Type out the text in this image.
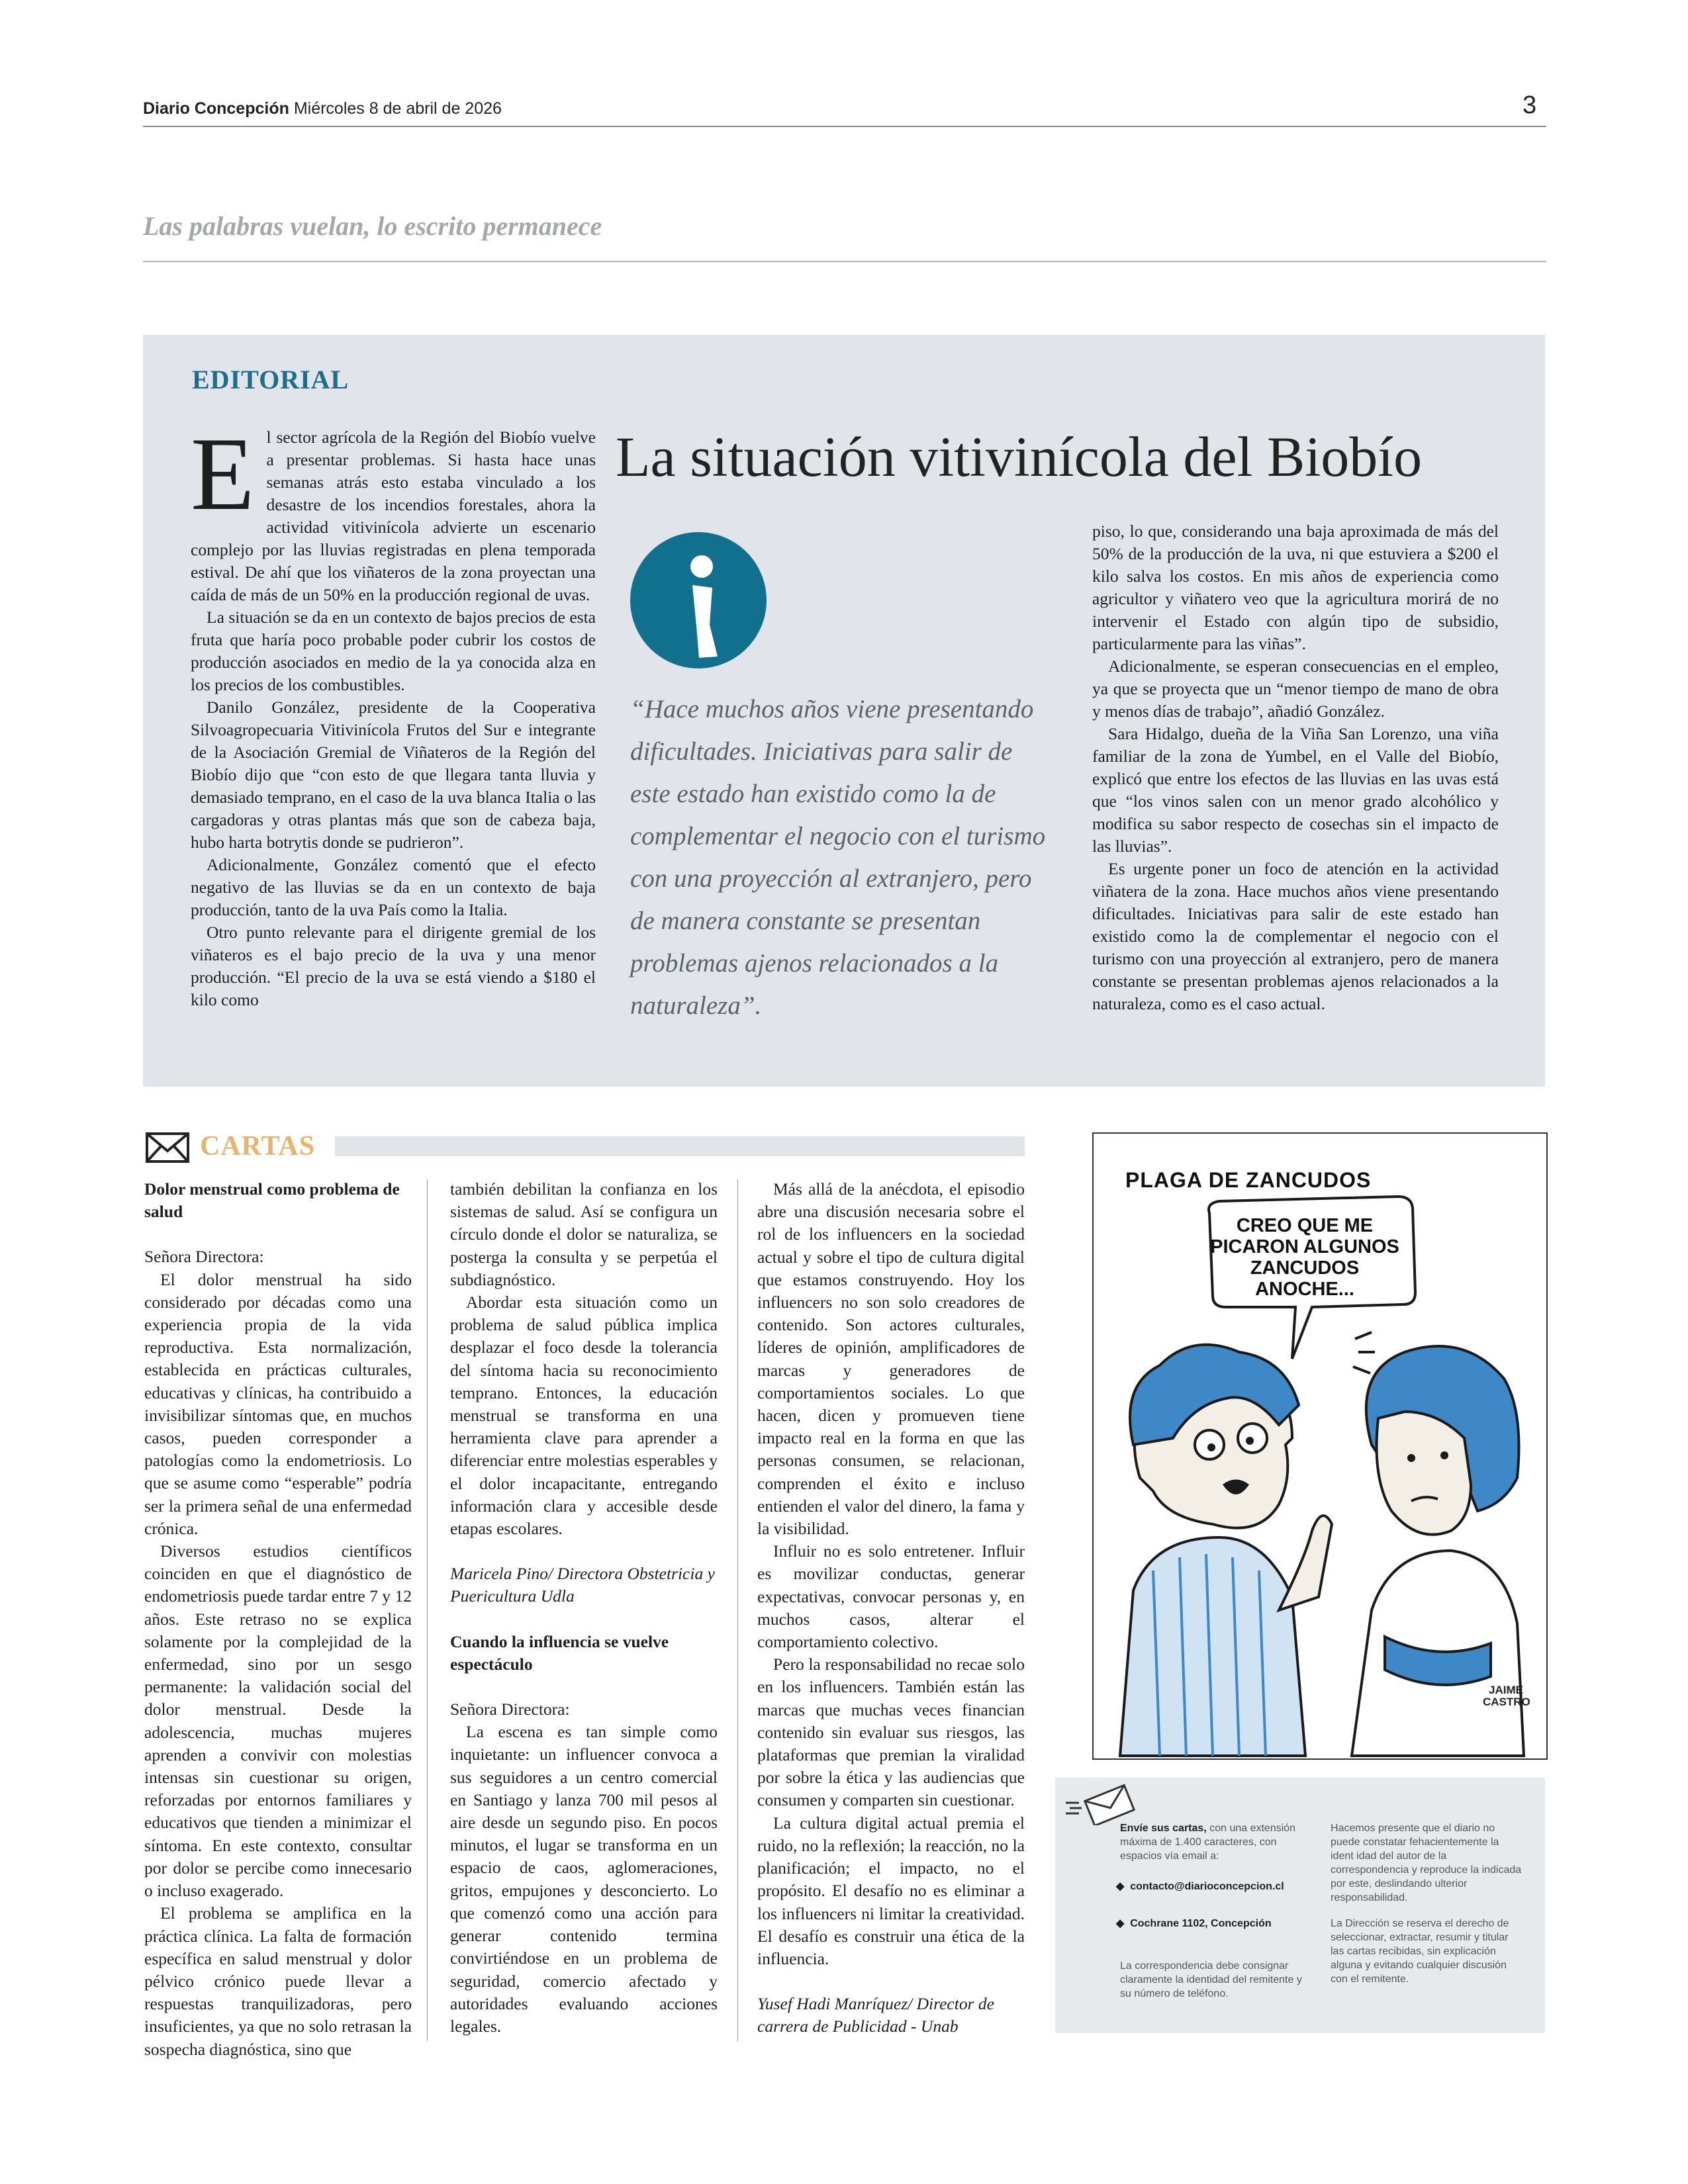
Diario Concepción Miércoles 8 de abril de 2026	3
Las palabras vuelan, lo escrito permanece
EDITORIAL
La situación vitivinícola del Biobío

El sector agrícola de la Región del Biobío vuelve a presentar problemas. Si hasta hace unas semanas atrás esto estaba vinculado a los desastre de los incendios forestales, ahora la actividad vitivinícola advierte un escenario complejo por las lluvias registradas en plena temporada estival. De ahí que los viñateros de la zona proyectan una caída de más de un 50% en la producción regional de uvas.

La situación se da en un contexto de bajos precios de esta fruta que haría poco probable poder cubrir los costos de producción asociados en medio de la ya conocida alza en los precios de los combustibles.

Danilo González, presidente de la Cooperativa Silvoagropecuaria Vitivinícola Frutos del Sur e integrante de la Asociación Gremial de Viñateros de la Región del Biobío dijo que “con esto de que llegara tanta lluvia y demasiado temprano, en el caso de la uva blanca Italia o las cargadoras y otras plantas más que son de cabeza baja, hubo harta botrytis donde se pudrieron”.

Adicionalmente, González comentó que el efecto negativo de las lluvias se da en un contexto de baja producción, tanto de la uva País como la Italia.

Otro punto relevante para el dirigente gremial de los viñateros es el bajo precio de la uva y una menor producción. “El precio de la uva se está viendo a $180 el kilo como

“Hace muchos años viene presentando dificultades. Iniciativas para salir de este estado han existido como la de complementar el negocio con el turismo con una proyección al extranjero, pero de manera constante se presentan problemas ajenos relacionados a la naturaleza”.

piso, lo que, considerando una baja aproximada de más del 50% de la producción de la uva, ni que estuviera a $200 el kilo salva los costos. En mis años de experiencia como agricultor y viñatero veo que la agricultura morirá de no intervenir el Estado con algún tipo de subsidio, particularmente para las viñas”.

Adicionalmente, se esperan consecuencias en el empleo, ya que se proyecta que un “menor tiempo de mano de obra y menos días de trabajo”, añadió González.

Sara Hidalgo, dueña de la Viña San Lorenzo, una viña familiar de la zona de Yumbel, en el Valle del Biobío, explicó que entre los efectos de las lluvias en las uvas está que “los vinos salen con un menor grado alcohólico y modifica su sabor respecto de cosechas sin el impacto de las lluvias”.

Es urgente poner un foco de atención en la actividad viñatera de la zona. Hace muchos años viene presentando dificultades. Iniciativas para salir de este estado han existido como la de complementar el negocio con el turismo con una proyección al extranjero, pero de manera constante se presentan problemas ajenos relacionados a la naturaleza, como es el caso actual.

CARTAS

Dolor menstrual como problema de salud

Señora Directora:

El dolor menstrual ha sido considerado por décadas como una experiencia propia de la vida reproductiva. Esta normalización, establecida en prácticas culturales, educativas y clínicas, ha contribuido a invisibilizar síntomas que, en muchos casos, pueden corresponder a patologías como la endometriosis. Lo que se asume como “esperable” podría ser la primera señal de una enfermedad crónica.

Diversos estudios científicos coinciden en que el diagnóstico de endometriosis puede tardar entre 7 y 12 años. Este retraso no se explica solamente por la complejidad de la enfermedad, sino por un sesgo permanente: la validación social del dolor menstrual. Desde la adolescencia, muchas mujeres aprenden a convivir con molestias intensas sin cuestionar su origen, reforzadas por entornos familiares y educativos que tienden a minimizar el síntoma. En este contexto, consultar por dolor se percibe como innecesario o incluso exagerado.

El problema se amplifica en la práctica clínica. La falta de formación específica en salud menstrual y dolor pélvico crónico puede llevar a respuestas tranquilizadoras, pero insuficientes, ya que no solo retrasan la sospecha diagnóstica, sino que

también debilitan la confianza en los sistemas de salud. Así se configura un círculo donde el dolor se naturaliza, se posterga la consulta y se perpetúa el subdiagnóstico.

Abordar esta situación como un problema de salud pública implica desplazar el foco desde la tolerancia del síntoma hacia su reconocimiento temprano. Entonces, la educación menstrual se transforma en una herramienta clave para aprender a diferenciar entre molestias esperables y el dolor incapacitante, entregando información clara y accesible desde etapas escolares.

Maricela Pino/ Directora Obstetricia y Puericultura Udla

Cuando la influencia se vuelve espectáculo

Señora Directora:

La escena es tan simple como inquietante: un influencer convoca a sus seguidores a un centro comercial en Santiago y lanza 700 mil pesos al aire desde un segundo piso. En pocos minutos, el lugar se transforma en un espacio de caos, aglomeraciones, gritos, empujones y desconcierto. Lo que comenzó como una acción para generar contenido termina convirtiéndose en un problema de seguridad, comercio afectado y autoridades evaluando acciones legales.

Más allá de la anécdota, el episodio abre una discusión necesaria sobre el rol de los influencers en la sociedad actual y sobre el tipo de cultura digital que estamos construyendo. Hoy los influencers no son solo creadores de contenido. Son actores culturales, líderes de opinión, amplificadores de marcas y generadores de comportamientos sociales. Lo que hacen, dicen y promueven tiene impacto real en la forma en que las personas consumen, se relacionan, comprenden el éxito e incluso entienden el valor del dinero, la fama y la visibilidad.

Influir no es solo entretener. Influir es movilizar conductas, generar expectativas, convocar personas y, en muchos casos, alterar el comportamiento colectivo.

Pero la responsabilidad no recae solo en los influencers. También están las marcas que muchas veces financian contenido sin evaluar sus riesgos, las plataformas que premian la viralidad por sobre la ética y las audiencias que consumen y comparten sin cuestionar.

La cultura digital actual premia el ruido, no la reflexión; la reacción, no la planificación; el impacto, no el propósito. El desafío no es eliminar a los influencers ni limitar la creatividad. El desafío es construir una ética de la influencia.

Yusef Hadi Manríquez/ Director de carrera de Publicidad - Unab

PLAGA DE ZANCUDOS
CREO QUE ME PICARON ALGUNOS ZANCUDOS ANOCHE...
JAIME CASTRO
Envíe sus cartas, con una extensión máxima de 1.400 caracteres, con espacios vía email a:
◆  contacto@diarioconcepcion.cl
◆  Cochrane 1102, Concepción
La correspondencia debe consignar claramente la identidad del remitente y su número de teléfono.
Hacemos presente que el diario no puede constatar fehacientemente la ident idad del autor de la correspondencia y reproduce la indicada por este, deslindando ulterior responsabilidad.
La Dirección se reserva el derecho de seleccionar, extractar, resumir y titular las cartas recibidas, sin explicación alguna y evitando cualquier discusión con el remitente.
